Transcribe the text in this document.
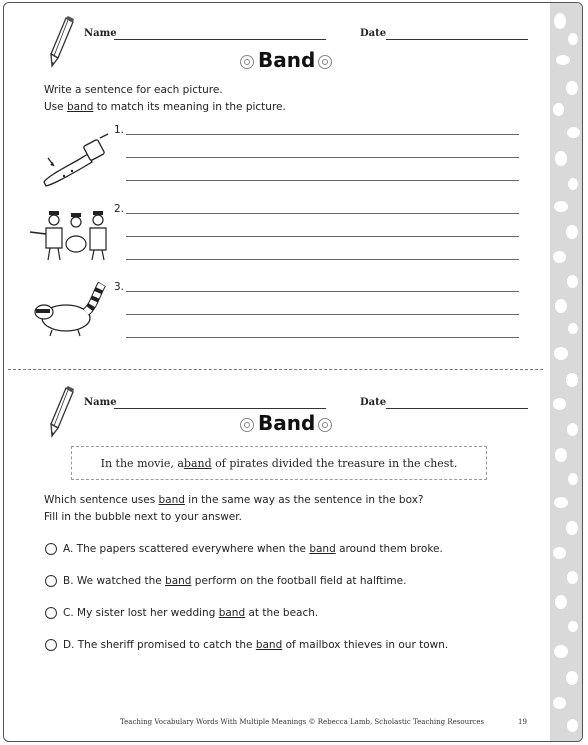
Name	Date
Band
Write a sentence for each picture.
Use band to match its meaning in the picture.
1.
2.
3.
Name	Date
Band
In the movie, a band of pirates divided the treasure in the chest.
Which sentence uses band in the same way as the sentence in the box?
Fill in the bubble next to your answer.
A. The papers scattered everywhere when the band around them broke.
B. We watched the band perform on the football field at halftime.
C. My sister lost her wedding band at the beach.
D. The sheriff promised to catch the band of mailbox thieves in our town.
Teaching Vocabulary Words With Multiple Meanings © Rebecca Lamb, Scholastic Teaching Resources	19
